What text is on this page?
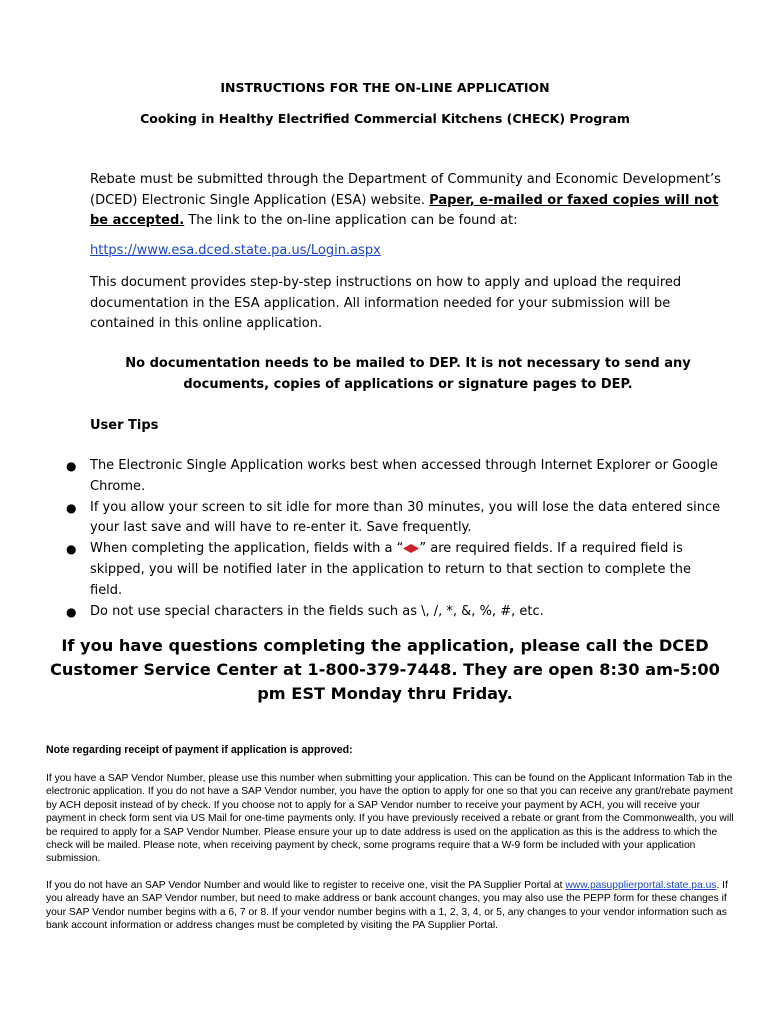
INSTRUCTIONS FOR THE ON-LINE APPLICATION
Cooking in Healthy Electrified Commercial Kitchens (CHECK) Program
Rebate must be submitted through the Department of Community and Economic Development’s (DCED) Electronic Single Application (ESA) website. Paper, e-mailed or faxed copies will not be accepted. The link to the on-line application can be found at:
https://www.esa.dced.state.pa.us/Login.aspx
This document provides step-by-step instructions on how to apply and upload the required documentation in the ESA application. All information needed for your submission will be contained in this online application.
No documentation needs to be mailed to DEP. It is not necessary to send any documents, copies of applications or signature pages to DEP.
User Tips
● The Electronic Single Application works best when accessed through Internet Explorer or Google Chrome.
● If you allow your screen to sit idle for more than 30 minutes, you will lose the data entered since your last save and will have to re-enter it. Save frequently.
● When completing the application, fields with a “ ” are required fields. If a required field is skipped, you will be notified later in the application to return to that section to complete the field.
● Do not use special characters in the fields such as \, /, *, &, %, #, etc.
If you have questions completing the application, please call the DCED Customer Service Center at 1-800-379-7448. They are open 8:30 am-5:00 pm EST Monday thru Friday.
Note regarding receipt of payment if application is approved:
If you have a SAP Vendor Number, please use this number when submitting your application. This can be found on the Applicant Information Tab in the electronic application. If you do not have a SAP Vendor number, you have the option to apply for one so that you can receive any grant/rebate payment by ACH deposit instead of by check. If you choose not to apply for a SAP Vendor number to receive your payment by ACH, you will receive your payment in check form sent via US Mail for one-time payments only. If you have previously received a rebate or grant from the Commonwealth, you will be required to apply for a SAP Vendor Number. Please ensure your up to date address is used on the application as this is the address to which the check will be mailed. Please note, when receiving payment by check, some programs require that a W-9 form be included with your application submission.
If you do not have an SAP Vendor Number and would like to register to receive one, visit the PA Supplier Portal at www.pasupplierportal.state.pa.us. If you already have an SAP Vendor number, but need to make address or bank account changes, you may also use the PEPP form for these changes if your SAP Vendor number begins with a 6, 7 or 8. If your vendor number begins with a 1, 2, 3, 4, or 5, any changes to your vendor information such as bank account information or address changes must be completed by visiting the PA Supplier Portal.
